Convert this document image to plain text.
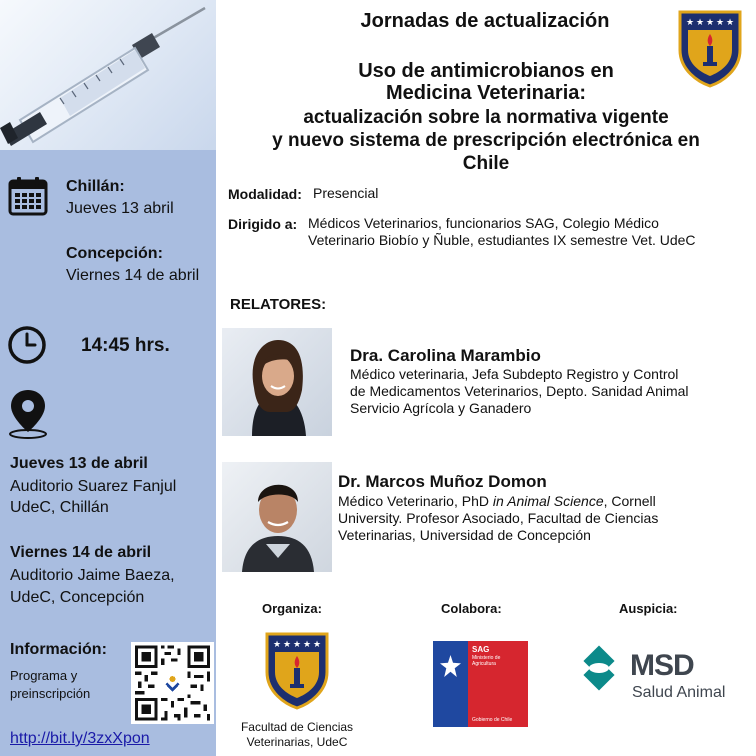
Chillán:
Jueves 13 abril
Concepción:
Viernes 14 de abril
14:45 hrs.
Jueves 13 de abril
Auditorio Suarez Fanjul
UdeC, Chillán
Viernes 14 de abril
Auditorio Jaime Baeza,
UdeC, Concepción
Información:
Programa y
preinscripción
http://bit.ly/3zxXpon
Jornadas de actualización
Uso de antimicrobianos en
Medicina Veterinaria:
actualización sobre la normativa vigente
y nuevo sistema de prescripción electrónica en
Chile
★ ★ ★ ★ ★
Modalidad: Presencial
Dirigido a: Médicos Veterinarios, funcionarios SAG, Colegio Médico
Veterinario Biobío y Ñuble, estudiantes IX semestre Vet. UdeC
RELATORES:
Dra. Carolina Marambio
Médico veterinaria, Jefa Subdepto Registro y Control
de Medicamentos Veterinarios, Depto. Sanidad Animal
Servicio Agrícola y Ganadero
Dr. Marcos Muñoz Domon
Médico Veterinario, PhD in Animal Science, Cornell
University. Profesor Asociado, Facultad de Ciencias
Veterinarias, Universidad de Concepción
Organiza:	Colabora:	Auspicia:
★ ★ ★ ★ ★
Facultad de Ciencias
Veterinarias, UdeC
SAG
Ministerio de
Agricultura
Gobierno de Chile
MSD
Salud Animal
